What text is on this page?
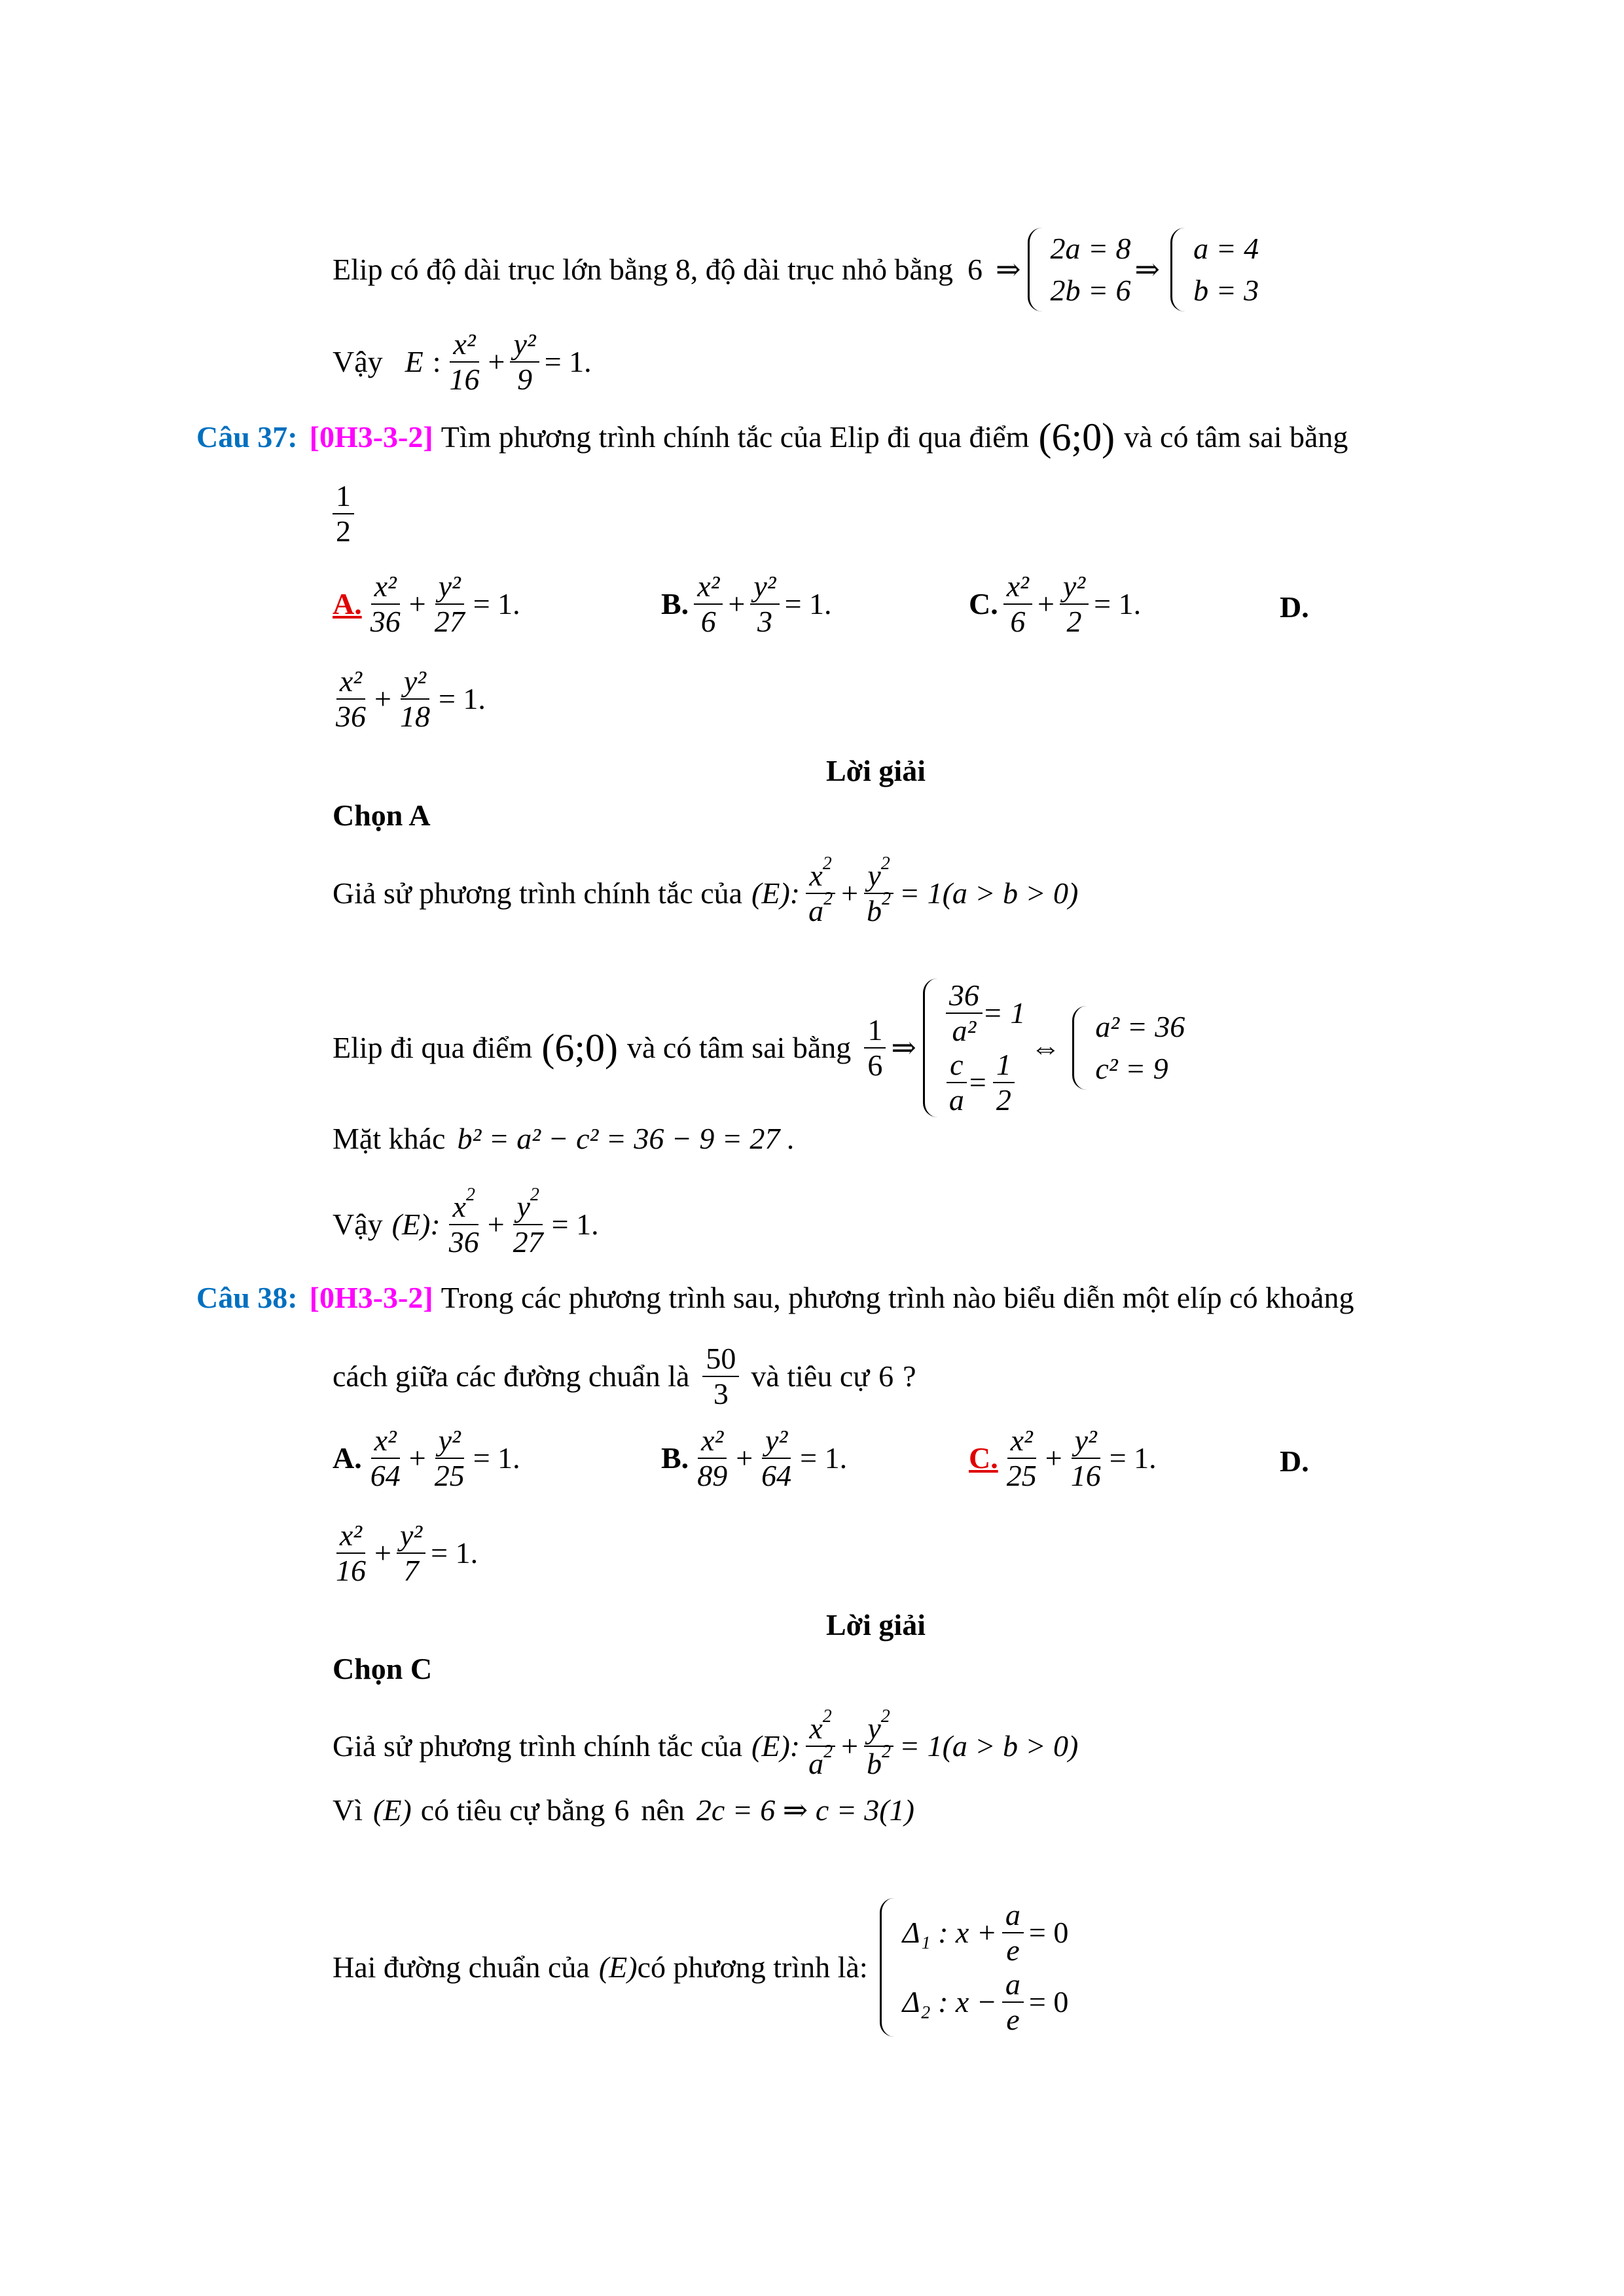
Elip có độ dài trục lớn bằng 8, độ dài trục nhỏ bằng 6 ⇒
2a = 8
2b = 6
⇒
a = 4
b = 3
Vậy E : $\frac{\text{x²}}{16} + \frac{\text{y²}}{9} = 1$.
Câu 37: [0H3-3-2] Tìm phương trình chính tắc của Elip đi qua điểm (6;0) và có tâm sai bằng
$\frac{1}{2}$
A. $\frac{\text{x²}}{36} + \frac{\text{y²}}{27} = 1$.	B. $\frac{\text{x²}}{6} + \frac{\text{y²}}{3} = 1$.	C. $\frac{\text{x²}}{6} + \frac{\text{y²}}{2} = 1$.	D.
$\frac{\text{x²}}{36} + \frac{\text{y²}}{18} = 1$.
Lời giải
Chọn A
Giả sử phương trình chính tắc của (E): $\frac{x^2}{a^2} + \frac{y^2}{b^2} = 1(a > b > 0)$
Elip đi qua điểm (6;0) và có tâm sai bằng $\frac{1}{6}$ ⇒ $\frac{36}{\text{a²}} = 1$
$\frac{c}{a} = \frac{1}{2}$
⇔
a² = 36
c² = 9
Mặt khác b² = a² − c² = 36 − 9 = 27 .
Vậy (E): $\frac{x^2}{36} + \frac{y^2}{27} = 1$.
Câu 38: [0H3-3-2] Trong các phương trình sau, phương trình nào biểu diễn một elíp có khoảng
cách giữa các đường chuẩn là $\frac{50}{3}$ và tiêu cự 6 ?
A. $\frac{\text{x²}}{64} + \frac{\text{y²}}{25} = 1$.	B. $\frac{\text{x²}}{89} + \frac{\text{y²}}{64} = 1$.	C. $\frac{\text{x²}}{25} + \frac{\text{y²}}{16} = 1$.	D.
$\frac{\text{x²}}{16} + \frac{\text{y²}}{7} = 1$.
Lời giải
Chọn C
Giả sử phương trình chính tắc của (E): $\frac{x^2}{a^2} + \frac{y^2}{b^2} = 1(a > b > 0)$
Vì (E) có tiêu cự bằng 6 nên 2c = 6 ⇒ c = 3(1)
Hai đường chuẩn của (E) có phương trình là:
Δ₁ : $x + \frac{a}{e} = 0$
Δ₂ : $x - \frac{a}{e} = 0$
